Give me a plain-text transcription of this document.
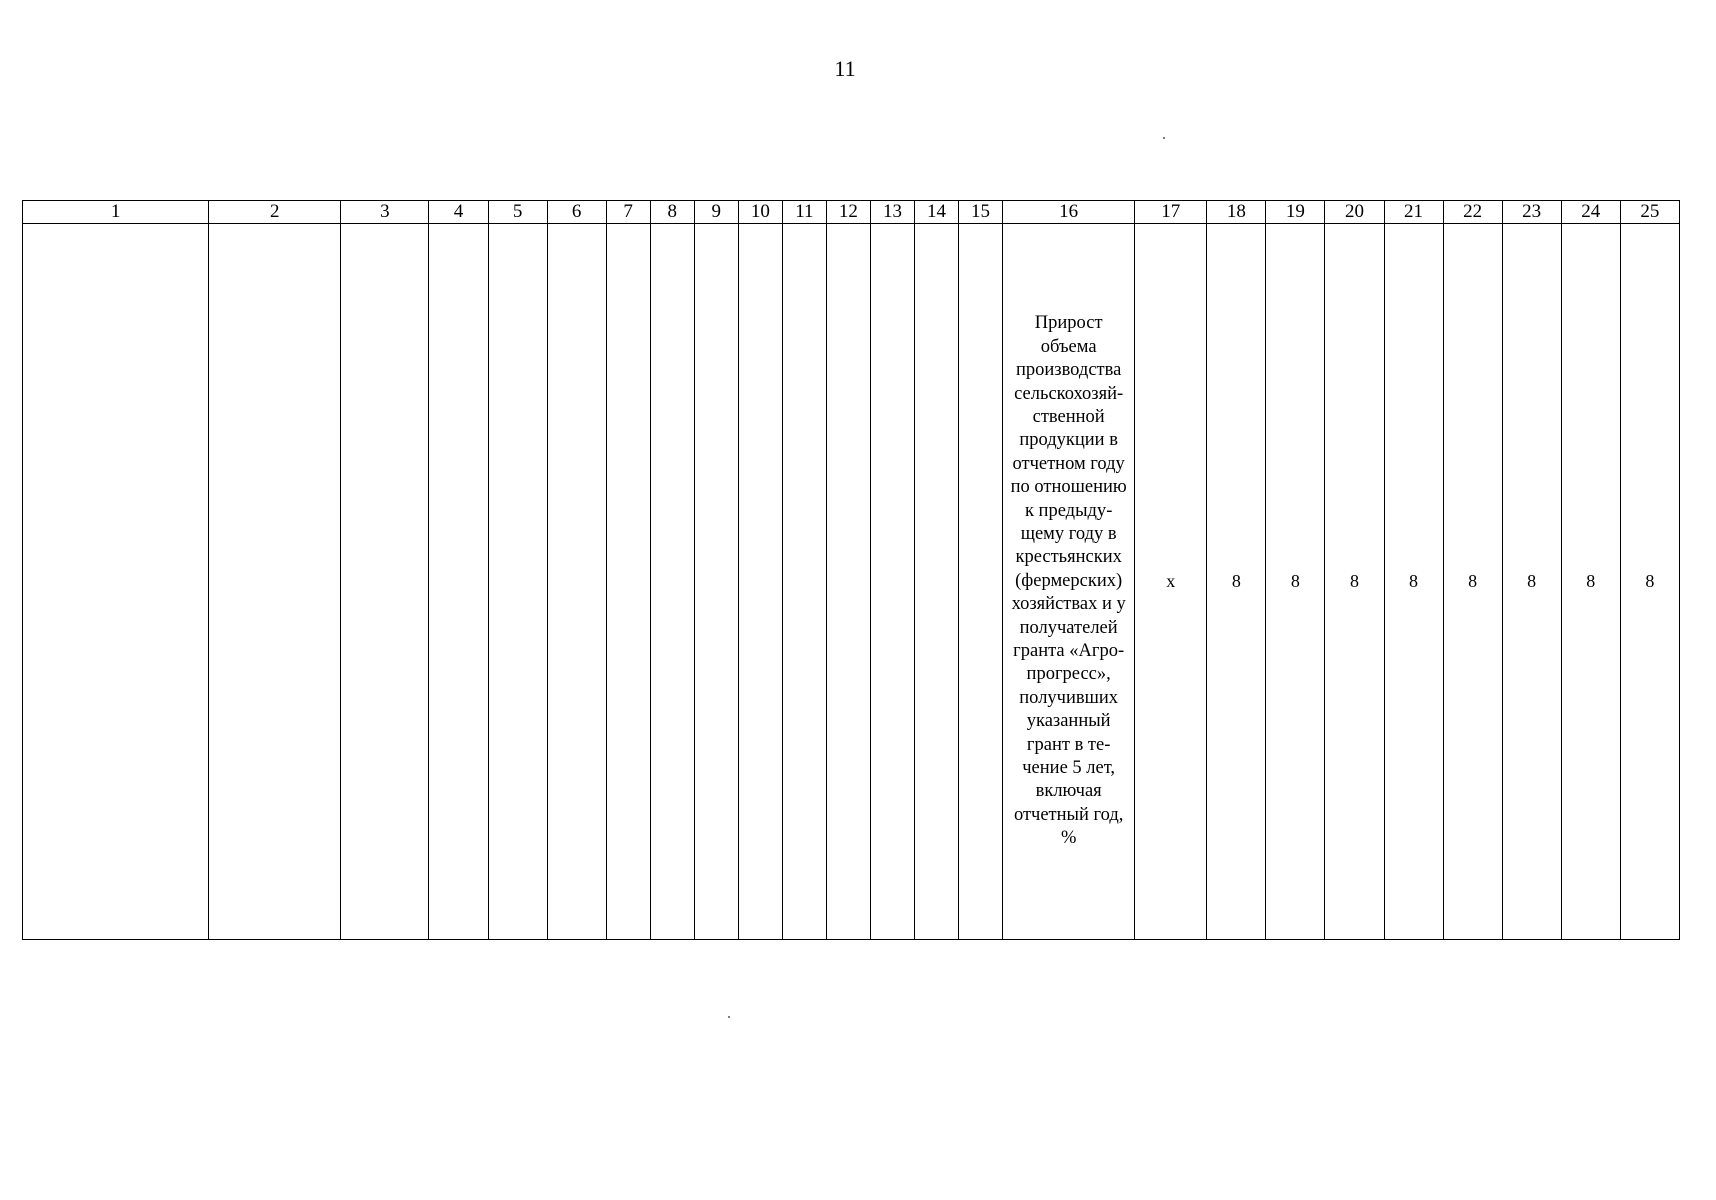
11
1	2	3	4	5	6	7	8	9	10	11	12	13	14	15	16	17	18	19	20	21	22	23	24	25

															Прирост объема производства сельскохозяйственной продукции в отчетном году по отношению к предыдущему году в крестьянских (фермерских) хозяйствах и у получателей гранта «Агропрогресс», получивших указанный грант в течение 5 лет, включая отчетный год, %	x	8	8	8	8	8	8	8	8
